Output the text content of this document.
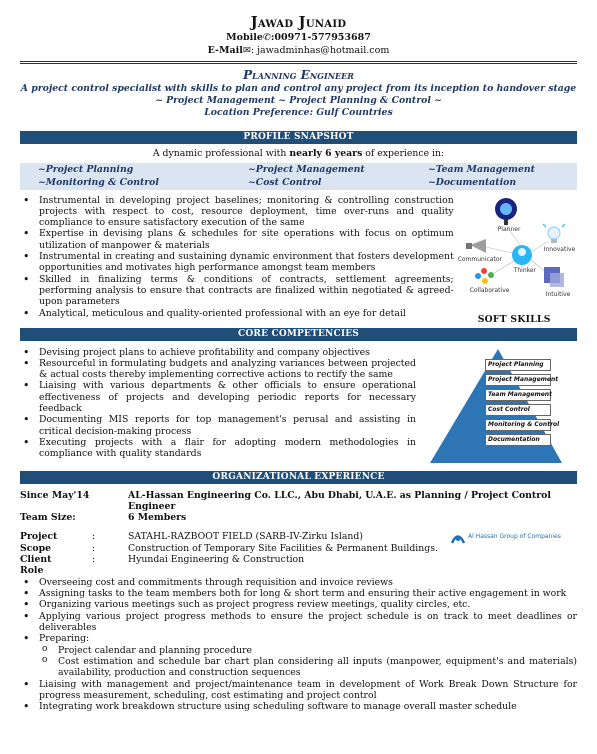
Jawad Junaid
Mobile✆:00971-577953687
E-Mail✉: jawadminhas@hotmail.com
Planning Engineer
A project control specialist with skills to plan and control any project from its inception to handover stage
~ Project Management ~ Project Planning & Control ~
Location Preference: Gulf Countries
PROFILE SNAPSHOT
A dynamic professional with nearly 6 years of experience in:
~Project Planning	~Project Management	~Team Management
~Monitoring & Control	~Cost Control	~Documentation
• Instrumental in developing project baselines; monitoring & controlling construction projects with respect to cost, resource deployment, time over-runs and quality compliance to ensure satisfactory execution of the same
• Expertise in devising plans & schedules for site operations with focus on optimum utilization of manpower & materials
• Instrumental in creating and sustaining dynamic environment that fosters development opportunities and motivates high performance amongst team members
• Skilled in finalizing terms & conditions of contracts, settlement agreements; performing analysis to ensure that contracts are finalized within negotiated & agreed-upon parameters
• Analytical, meticulous and quality-oriented professional with an eye for detail
Planner
Communicator
Innovative
Thinker
Collaborative
Intuitive
SOFT SKILLS
CORE COMPETENCIES
• Devising project plans to achieve profitability and company objectives
• Resourceful in formulating budgets and analyzing variances between projected & actual costs thereby implementing corrective actions to rectify the same
• Liaising with various departments & other officials to ensure operational effectiveness of projects and developing periodic reports for necessary feedback
• Documenting MIS reports for top management's perusal and assisting in critical decision-making process
• Executing projects with a flair for adopting modern methodologies in compliance with quality standards
Project Planning
Project Management
Team Management
Cost Control
Monitoring & Control
Documentation
ORGANIZATIONAL EXPERIENCE
Since May'14	AL-Hassan Engineering Co. LLC., Abu Dhabi, U.A.E. as Planning / Project Control Engineer
Team Size:	6 Members
Project	:	SATAHL-RAZBOOT FIELD (SARB-IV-Zirku Island)
Scope	:	Construction of Temporary Site Facilities & Permanent Buildings.
Client	:	Hyundai Engineering & Construction
Role
• Overseeing cost and commitments through requisition and invoice reviews
• Assigning tasks to the team members both for long & short term and ensuring their active engagement in work
• Organizing various meetings such as project progress review meetings, quality circles, etc.
• Applying various project progress methods to ensure the project schedule is on track to meet deadlines or deliverables
• Preparing:
o Project calendar and planning procedure
o Cost estimation and schedule bar chart plan considering all inputs (manpower, equipment's and materials) availability, production and construction sequences
• Liaising with management and project/maintenance team in development of Work Break Down Structure for progress measurement, scheduling, cost estimating and project control
• Integrating work breakdown structure using scheduling software to manage overall master schedule
Al Hassan Group of Companies
